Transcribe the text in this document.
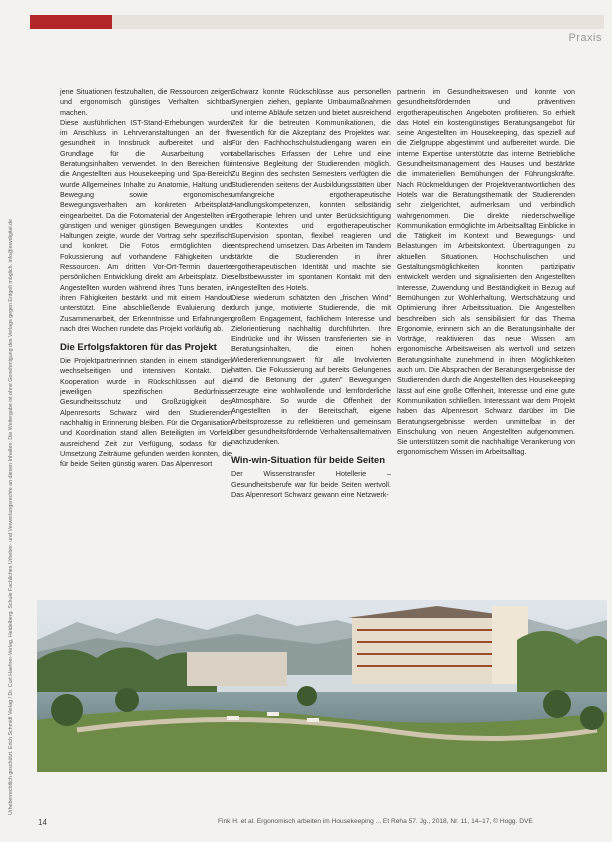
Praxis
Urheberrechtlich geschützt. Erich Schmidt Verlag / Dr. Curt Haefner-Verlag, Heidelberg. Schule Fachliches Urheber- und Verwertungsrechte an diesen Inhalten: Die Weitergabe ist ohne Genehmigung des Verlags gegen Entgelt möglich. info@esvdigital.de

jene Situationen festzuhalten, die Ressourcen zeigen und ergonomisch günstiges Verhalten sichtbar machen.

Diese ausführlichen IST-Stand-Erhebungen wurden im Anschluss in Lehrveranstaltungen an der fh gesundheit in Innsbruck aufbereitet und als Grundlage für die Ausarbeitung von Beratungsinhalten verwendet. In den Bereichen für die Angestellten aus Housekeeping und Spa-Bereich wurde Allgemeines Inhalte zu Anatomie, Haltung und Bewegung sowie ergonomisches Bewegungsverhalten am konkreten Arbeitsplatz eingearbeitet. Da die Fotomaterial der Angestellten in günstigen und weniger günstigen Bewegungen und Haltungen zeigte, wurde der Vortrag sehr spezifisch und konkret. Die Fotos ermöglichten die Fokussierung auf vorhandene Fähigkeiten und Ressourcen. Am dritten Vor-Ort-Termin dauerte persönlichen Entwicklung direkt am Arbeitsplatz. Die Angestellten wurden während ihres Tuns beraten, in ihren Fähigkeiten bestärkt und mit einem Handout unterstützt. Eine abschließende Evaluierung der Zusammenarbeit, der Erkenntnisse und Erfahrungen nach drei Wochen rundete das Projekt vorläufig ab.

Die Erfolgsfaktoren für das Projekt

Die Projektpartnerinnen standen in einem ständigen wechselseitigen und intensiven Kontakt. Die Kooperation wurde in Rückschlüssen auf die jeweiligen spezifischen Bedürfnisse Gesundheitsschutz und Großzügigkeit des Alpenresorts Schwarz wird den Studierenden nachhaltig in Erinnerung bleiben. Für die Organisation und Koordination stand allen Beteiligten im Vorfeld ausreichend Zeit zur Verfügung, sodass für die Umsetzung Zeiträume gefunden werden konnten, die für beide Seiten günstig waren. Das Alpenresort

Schwarz konnte Rückschlüsse aus personellen Synergien ziehen, geplante Umbaumaßnahmen und interne Abläufe setzen und bietet ausreichend Zeit für die betreuten Kommunikationen, die wesentlich für die Akzeptanz des Projektes war. Für den Fachhochschulstudiengang waren ein tabellarisches Erfassen der Lehre und eine intensive Begleitung der Studierenden möglich. Zu Beginn des sechsten Semesters verfügten die Studierenden seitens der Ausbildungsstätten über umfangreiche ergotherapeutische Handlungskompetenzen, konnten selbständig Ergotherapie lehren und unter Berücksichtigung des Kontextes und ergotherapeutischer Supervision spontan, flexibel reagieren und entsprechend umsetzen. Das Arbeiten im Tandem stärkte die Studierenden in ihrer ergotherapeutischen Identität und machte sie selbstbewusster im spontanen Kontakt mit den Angestellten des Hotels.

Diese wiederum schätzten den „frischen Wind" durch junge, motivierte Studierende, die mit großem Engagement, fachlichem Interesse und Zielorientierung nachhaltig durchführten. Ihre Eindrücke und ihr Wissen transferierten sie in Beratungsinhalten, die einen hohen Wiedererkennungswert für alle Involvierten hatten. Die Fokussierung auf bereits Gelungenes und die Betonung der „guten" Bewegungen erzeugte eine wohlwollende und lernförderliche Atmosphäre. So wurde die Offenheit der Angestellten in der Bereitschaft, eigene Arbeitsprozesse zu reflektieren und gemeinsam über gesundheitsfördernde Verhaltensalternativen nachzudenken.

Win-win-Situation für beide Seiten

Der Wissenstransfer Hotellerie – Gesundheitsberufe war für beide Seiten wertvoll. Das Alpenresort Schwarz gewann eine Netzwerk-

partnerin im Gesundheitswesen und konnte von gesundheitsfördernden und präventiven ergotherapeutischen Angeboten profitieren. So erhielt das Hotel ein kostengünstiges Beratungsangebot für seine Angestellten im Housekeeping, das speziell auf die Zielgruppe abgestimmt und aufbereitet wurde. Die interne Expertise unterstützte das interne Betriebliche Gesundheitsmanagement des Hauses und bestärkte die immateriellen Bemühungen der Führungskräfte. Nach Rückmeldungen der Projektverantwortlichen des Hotels war die Beratungsthematik der Studierenden sehr zielgerichtet, aufmerksam und verbindlich wahrgenommen. Die direkte niederschwellige Kommunikation ermöglichte im Arbeitsalltag Einblicke in die Tätigkeit im Kontext und Bewegungs- und Belastungen im Arbeitskontext. Übertragungen zu aktuellen Situationen. Hochschulischen und Gestaltungsmöglichkeiten konnten partizipativ entwickelt werden und signalisierten den Angestellten Interesse, Zuwendung und Beständigkeit in Bezug auf Bemühungen zur Wohlerhaltung, Wertschätzung und Optimierung ihrer Arbeitssituation. Die Angestellten beschreiben sich als sensibilisiert für das Thema Ergonomie, erinnern sich an die Beratungsinhalte der Vorträge, reaktivieren das neue Wissen am ergonomische Arbeitsweisen als wertvoll und setzen Beratungsinhalte zunehmend in ihren Möglichkeiten auch um. Die Absprachen der Beratungsergebnisse der Studierenden durch die Angestellten des Housekeeping lässt auf eine große Offenheit, Interesse und eine gute Kommunikation schließen. Interessant war dem Projekt haben das Alpenresort Schwarz darüber im Die Beratungsergebnisse werden unmittelbar in der Einschulung von neuen Angestellten aufgenommen. Sie unterstützen somit die nachhaltige Verankerung von ergonomischem Wissen im Arbeitsalltag.

14	Fink H. et al. Ergonomisch arbeiten im Housekeeping ... Et Reha 57. Jg., 2018, Nr. 11, 14–17, © Hogg. DVE
